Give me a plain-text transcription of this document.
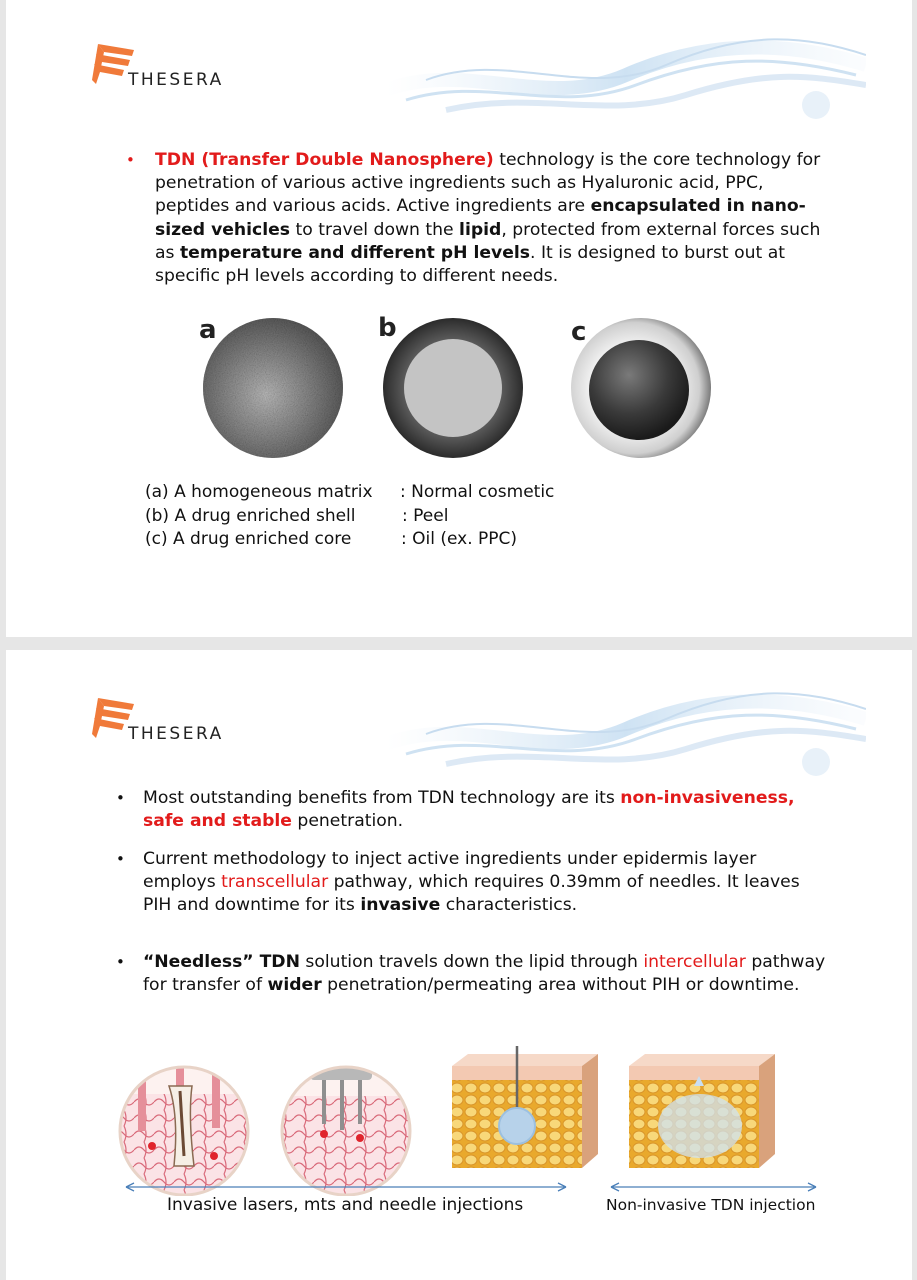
THESERA
• TDN (Transfer Double Nanosphere) technology is the core technology for penetration of various active ingredients such as Hyaluronic acid, PPC, peptides and various acids. Active ingredients are encapsulated in nano-sized vehicles to travel down the lipid, protected from external forces such as temperature and different pH levels. It is designed to burst out at specific pH levels according to different needs.
a	b	c
(a) A homogeneous matrix : Normal cosmetic
(b) A drug enriched shell	: Peel
(c) A drug enriched core	: Oil (ex. PPC)
THESERA
• Most outstanding benefits from TDN technology are its non-invasiveness, safe and stable penetration.
• Current methodology to inject active ingredients under epidermis layer employs transcellular pathway, which requires 0.39mm of needles. It leaves PIH and downtime for its invasive characteristics.
• “Needless” TDN solution travels down the lipid through intercellular pathway for transfer of wider penetration/permeating area without PIH or downtime.
Invasive lasers, mts and needle injections	Non-invasive TDN injection
